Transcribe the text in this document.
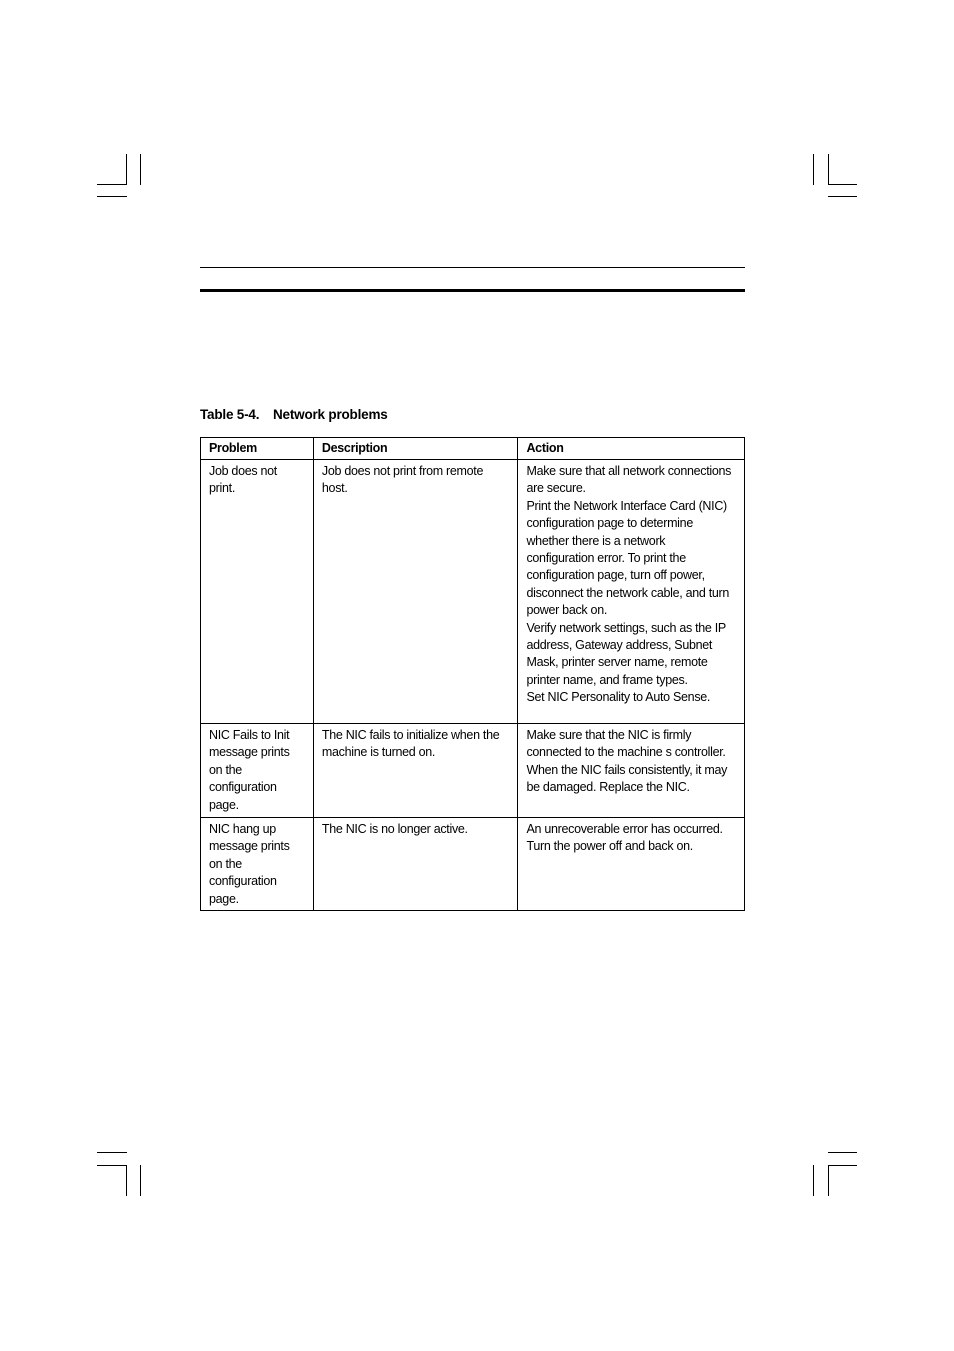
Table 5-4. Network problems
Problem	Description	Action
Job does not print.	Job does not print from remote host.	Make sure that all network connections are secure.
Print the Network Interface Card (NIC) configuration page to determine whether there is a network configuration error. To print the configuration page, turn off power, disconnect the network cable, and turn power back on.
Verify network settings, such as the IP address, Gateway address, Subnet Mask, printer server name, remote printer name, and frame types.
Set NIC Personality to Auto Sense.

NIC Fails to Init message prints on the configuration page.	The NIC fails to initialize when the machine is turned on.	Make sure that the NIC is firmly connected to the machine s controller.
When the NIC fails consistently, it may be damaged. Replace the NIC.

NIC hang up message prints on the configuration page.	The NIC is no longer active.	An unrecoverable error has occurred. Turn the power off and back on.
